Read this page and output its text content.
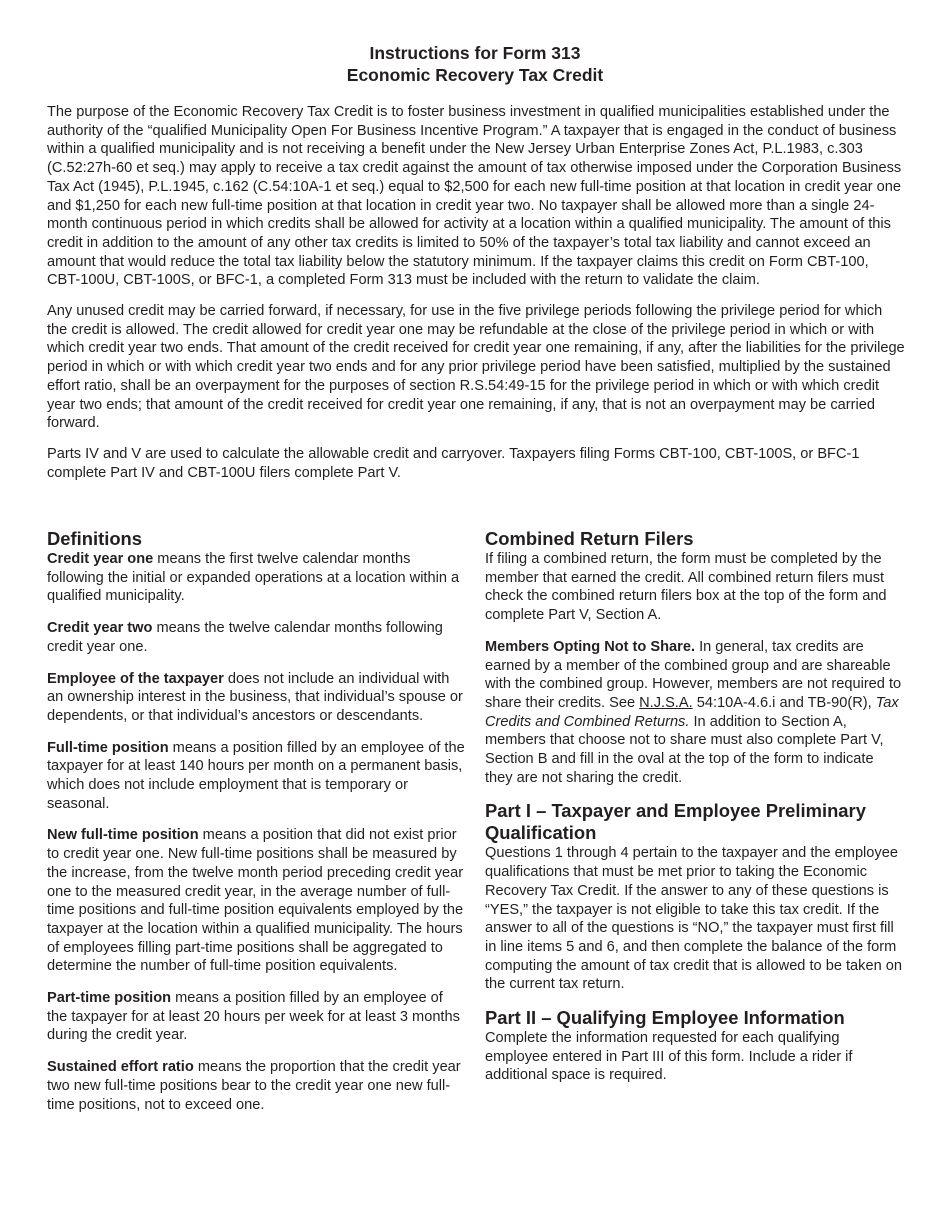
Instructions for Form 313

Economic Recovery Tax Credit

The purpose of the Economic Recovery Tax Credit is to foster business investment in qualified municipalities established under the authority of the “qualified Municipality Open For Business Incentive Program.” A taxpayer that is engaged in the conduct of business within a qualified municipality and is not receiving a benefit under the New Jersey Urban Enterprise Zones Act, P.L.1983, c.303 (C.52:27h-60 et seq.) may apply to receive a tax credit against the amount of tax otherwise imposed under the Corporation Business Tax Act (1945), P.L.1945, c.162 (C.54:10A-1 et seq.) equal to $2,500 for each new full-time position at that location in credit year one and $1,250 for each new full-time position at that location in credit year two. No taxpayer shall be allowed more than a single 24-month continuous period in which credits shall be allowed for activity at a location within a qualified municipality. The amount of this credit in addition to the amount of any other tax credits is limited to 50% of the taxpayer’s total tax liability and cannot exceed an amount that would reduce the total tax liability below the statutory minimum. If the taxpayer claims this credit on Form CBT-100, CBT-100U, CBT-100S, or BFC-1, a completed Form 313 must be included with the return to validate the claim.

Any unused credit may be carried forward, if necessary, for use in the five privilege periods following the privilege period for which the credit is allowed. The credit allowed for credit year one may be refundable at the close of the privilege period in which or with which credit year two ends. That amount of the credit received for credit year one remaining, if any, after the liabilities for the privilege period in which or with which credit year two ends and for any prior privilege period have been satisfied, multiplied by the sustained effort ratio, shall be an overpayment for the purposes of section R.S.54:49-15 for the privilege period in which or with which credit year two ends; that amount of the credit received for credit year one remaining, if any, that is not an overpayment may be carried forward.

Parts IV and V are used to calculate the allowable credit and carryover. Taxpayers filing Forms CBT-100, CBT-100S, or BFC-1 complete Part IV and CBT-100U filers complete Part V.

Definitions

Credit year one means the first twelve calendar months following the initial or expanded operations at a location within a qualified municipality.

Credit year two means the twelve calendar months following credit year one.

Employee of the taxpayer does not include an individual with an ownership interest in the business, that individual’s spouse or dependents, or that individual’s ancestors or descendants.

Full-time position means a position filled by an employee of the taxpayer for at least 140 hours per month on a permanent basis, which does not include employment that is temporary or seasonal.

New full-time position means a position that did not exist prior to credit year one. New full-time positions shall be measured by the increase, from the twelve month period preceding credit year one to the measured credit year, in the average number of full-time positions and full-time position equivalents employed by the taxpayer at the location within a qualified municipality. The hours of employees filling part-time positions shall be aggregated to determine the number of full-time position equivalents.

Part-time position means a position filled by an employee of the taxpayer for at least 20 hours per week for at least 3 months during the credit year.

Sustained effort ratio means the proportion that the credit year two new full-time positions bear to the credit year one new full-time positions, not to exceed one.

Combined Return Filers

If filing a combined return, the form must be completed by the member that earned the credit. All combined return filers must check the combined return filers box at the top of the form and complete Part V, Section A.

Members Opting Not to Share. In general, tax credits are earned by a member of the combined group and are shareable with the combined group. However, members are not required to share their credits. See N.J.S.A. 54:10A-4.6.i and TB-90(R), Tax Credits and Combined Returns. In addition to Section A, members that choose not to share must also complete Part V, Section B and fill in the oval at the top of the form to indicate they are not sharing the credit.

Part I – Taxpayer and Employee Preliminary Qualification

Questions 1 through 4 pertain to the taxpayer and the employee qualifications that must be met prior to taking the Economic Recovery Tax Credit. If the answer to any of these questions is “YES,” the taxpayer is not eligible to take this tax credit. If the answer to all of the questions is “NO,” the taxpayer must first fill in line items 5 and 6, and then complete the balance of the form computing the amount of tax credit that is allowed to be taken on the current tax return.

Part II – Qualifying Employee Information

Complete the information requested for each qualifying employee entered in Part III of this form. Include a rider if additional space is required.
